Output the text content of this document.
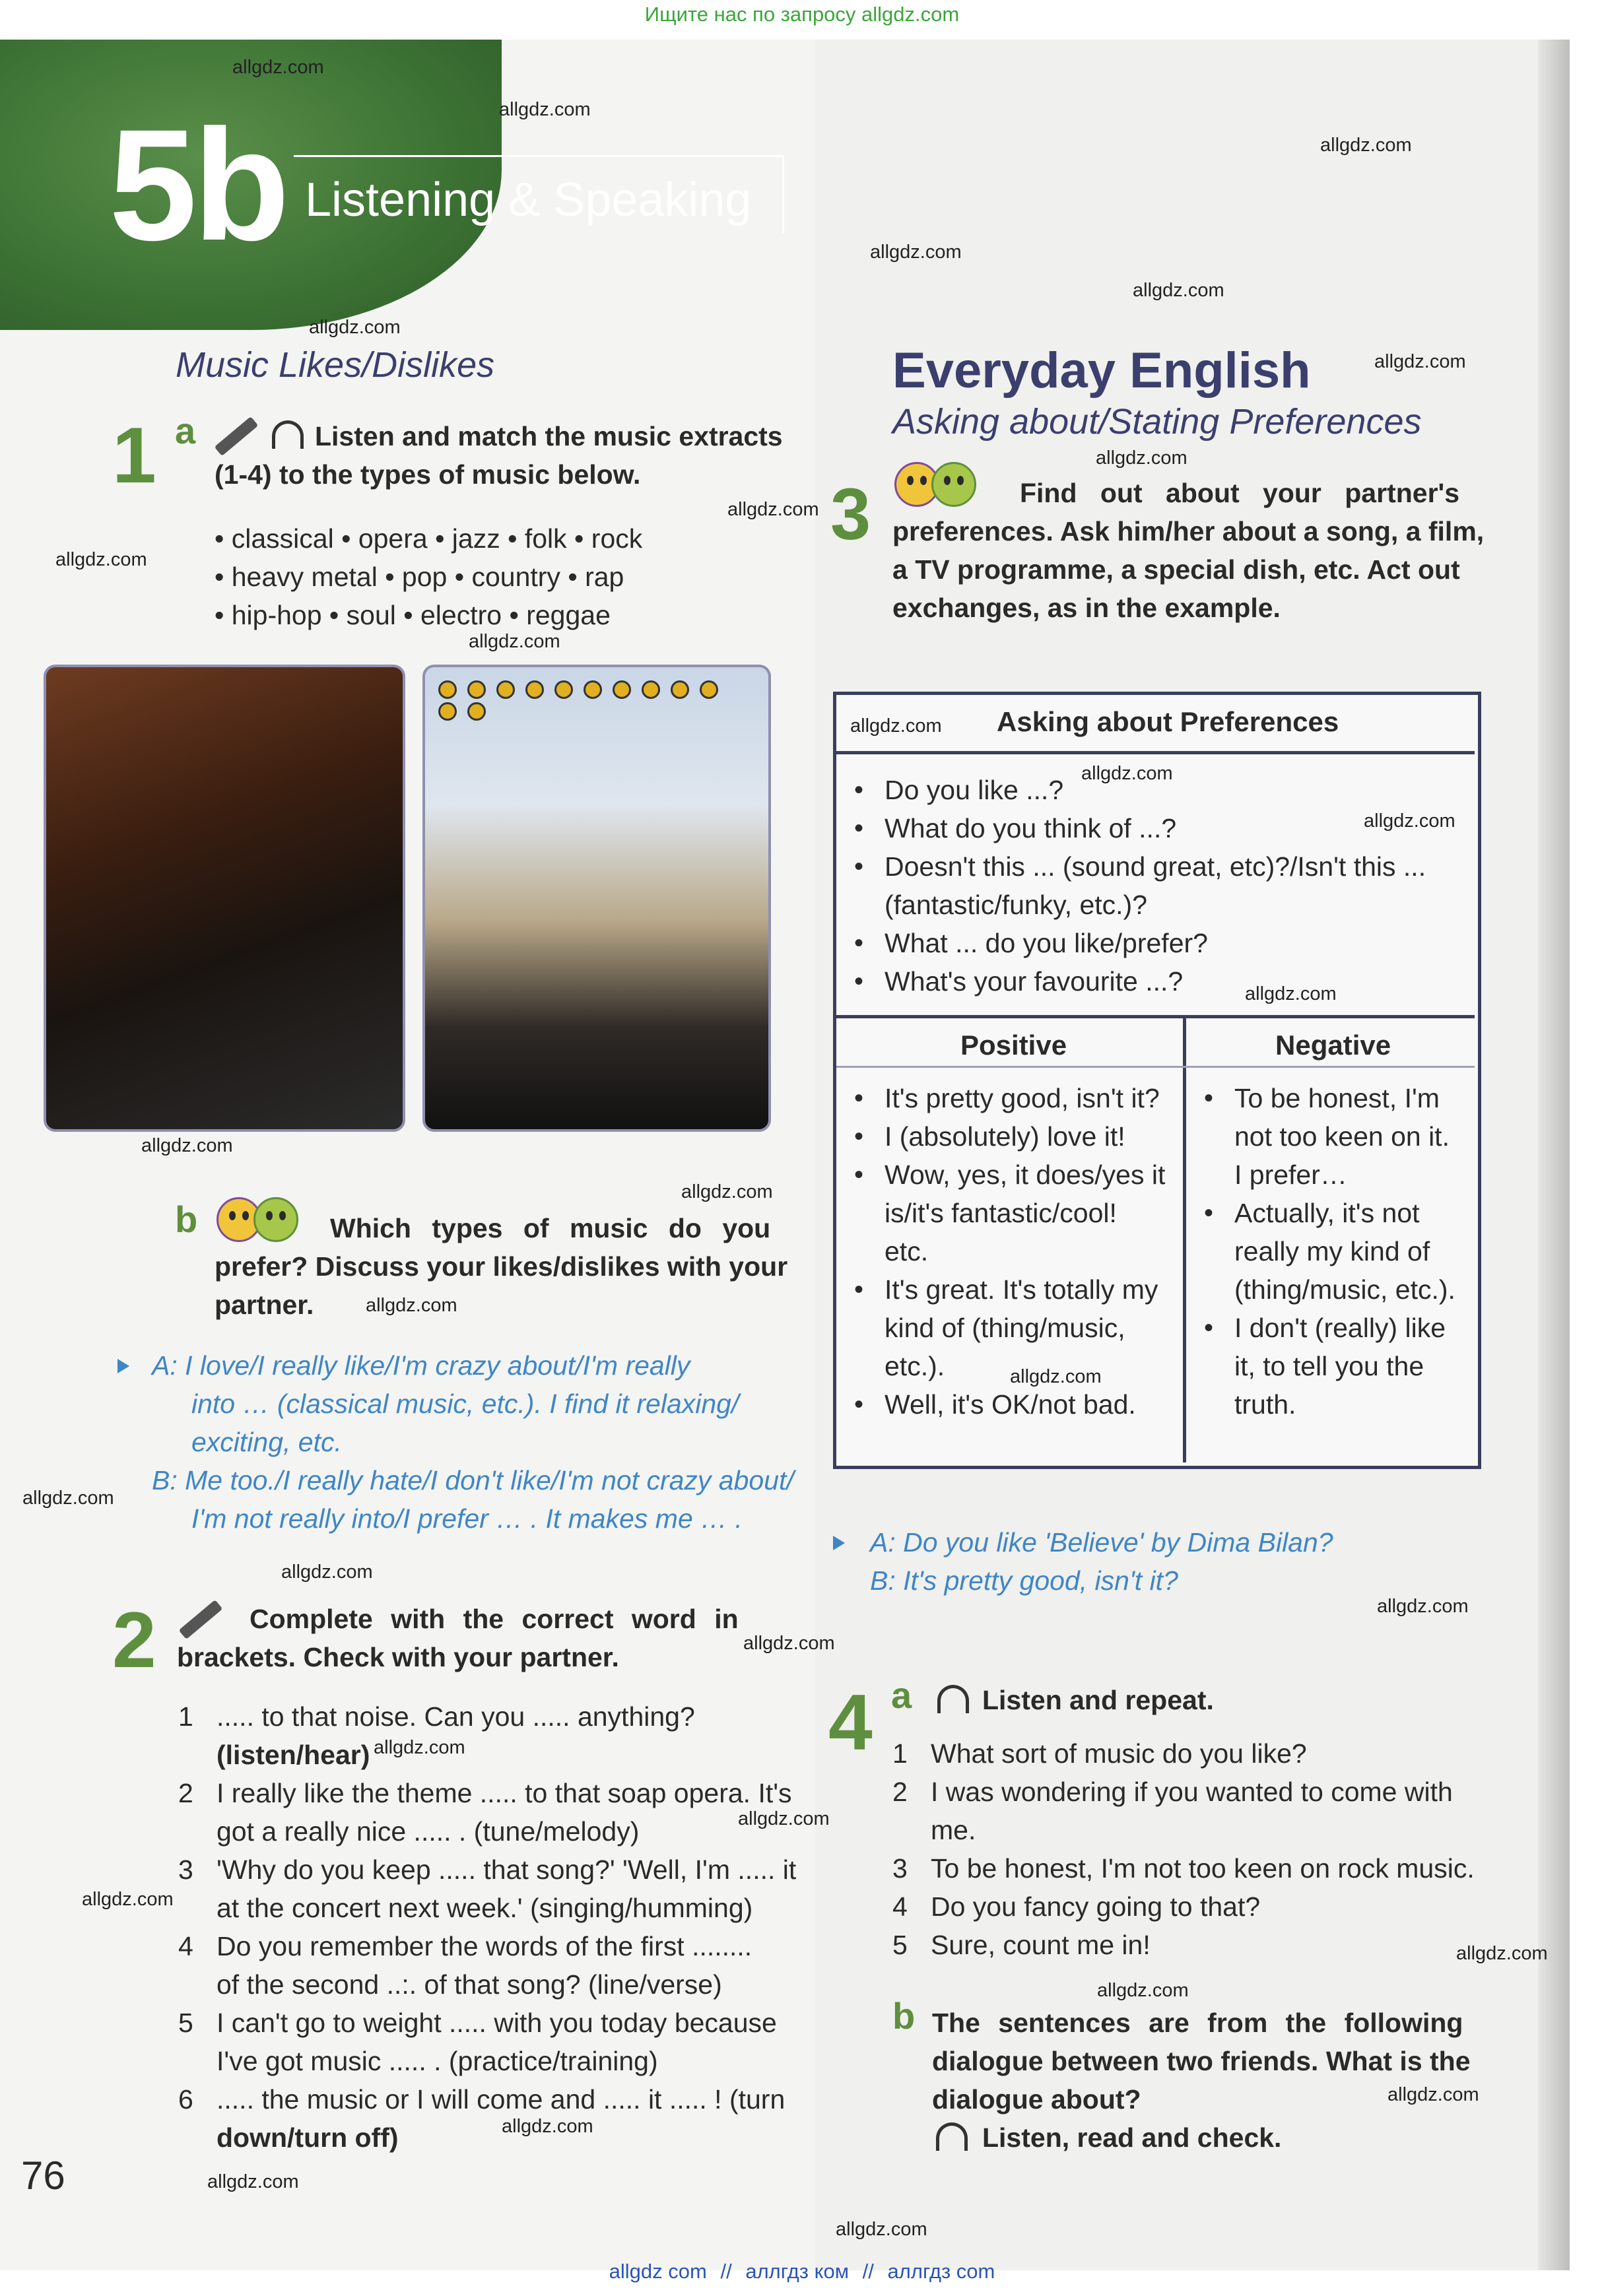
Ищите нас по запросу allgdz.com
5b Listening & Speaking
Music Likes/Dislikes
1 a	Listen and match the music extracts
(1-4) to the types of music below.
• classical • opera • jazz • folk • rock
• heavy metal • pop • country • rap
• hip-hop • soul • electro • reggae
b	Which types of music do you
prefer? Discuss your likes/dislikes with your
partner.
A: I love/I really like/I'm crazy about/I'm really
into … (classical music, etc.). I find it relaxing/
exciting, etc.
B: Me too./I really hate/I don't like/I'm not crazy about/
I'm not really into/I prefer … . It makes me … .
2	Complete with the correct word in
brackets. Check with your partner.
1 ..... to that noise. Can you ..... anything?
(listen/hear)
2 I really like the theme ..... to that soap opera. It's
got a really nice ..... . (tune/melody)
3 'Why do you keep ..... that song?' 'Well, I'm ..... it
at the concert next week.' (singing/humming)
4 Do you remember the words of the first ........
of the second ..:. of that song? (line/verse)
5 I can't go to weight ..... with you today because
I've got music ..... . (practice/training)
6 ..... the music or I will come and ..... it ..... ! (turn
down/turn off)
76
Everyday English
Asking about/Stating Preferences
3	Find out about your partner's
preferences. Ask him/her about a song, a film,
a TV programme, a special dish, etc. Act out
exchanges, as in the example.
Asking about Preferences
• Do you like ...?
• What do you think of ...?
• Doesn't this ... (sound great, etc)?/Isn't this ...
(fantastic/funky, etc.)?
• What ... do you like/prefer?
• What's your favourite ...?
Positive	Negative
• It's pretty good, isn't it?
• I (absolutely) love it!
• Wow, yes, it does/yes it
is/it's fantastic/cool!
etc.
• It's great. It's totally my
kind of (thing/music,
etc.).
• Well, it's OK/not bad.
• To be honest, I'm
not too keen on it.
I prefer…
• Actually, it's not
really my kind of
(thing/music, etc.).
• I don't (really) like
it, to tell you the
truth.
A: Do you like 'Believe' by Dima Bilan?
B: It's pretty good, isn't it?
4 a	Listen and repeat.
1 What sort of music do you like?
2 I was wondering if you wanted to come with
me.
3 To be honest, I'm not too keen on rock music.
4 Do you fancy going to that?
5 Sure, count me in!
b The sentences are from the following
dialogue between two friends. What is the
dialogue about?
Listen, read and check.
allgdz.com
allgdz.com
allgdz.com
allgdz.com
allgdz.com
allgdz.com
allgdz.com
allgdz.com
allgdz.com
allgdz.com
allgdz.com
allgdz.com
allgdz.com
allgdz.com
allgdz.com
allgdz.com
allgdz.com
allgdz.com
allgdz.com
allgdz.com
allgdz.com
allgdz.com
allgdz.com
allgdz.com
allgdz.com
allgdz.com
allgdz.com
allgdz.com
allgdz.com
allgdz.com
allgdz.com
allgdz.com
allgdz com // аллгдз ком // аллгдз com
